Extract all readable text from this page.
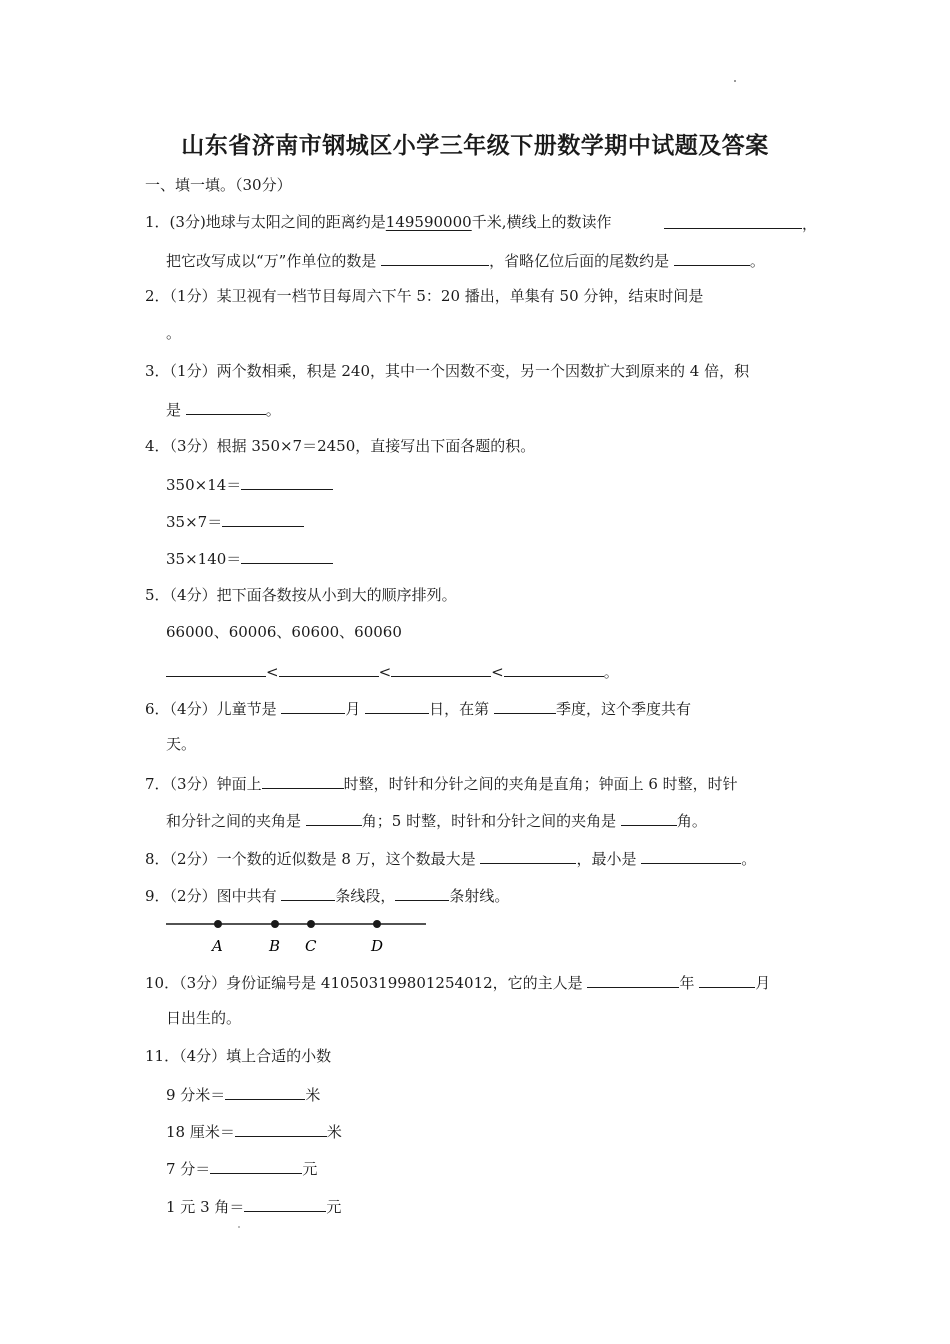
山东省济南市钢城区小学三年级下册数学期中试题及答案
一、填一填。（30分）
1．(3分)地球与太阳之间的距离约是149590000千米,横线上的数读作	，
把它改写成以“万”作单位的数是	，省略亿位后面的尾数约是	。
2．（1分）某卫视有一档节目每周六下午 5：20 播出，单集有 50 分钟，结束时间是
。
3．（1分）两个数相乘，积是 240，其中一个因数不变，另一个因数扩大到原来的 4 倍，积
是	。
4．（3分）根据 350×7＝2450，直接写出下面各题的积。
350×14＝
35×7＝
35×140＝
5．（4分）把下面各数按从小到大的顺序排列。
66000、60006、60600、60060
<	<	<	。
6．（4分）儿童节是	月	日，在第	季度，这个季度共有
天。
7．（3分）钟面上	时整，时针和分针之间的夹角是直角；钟面上 6 时整，时针
和分针之间的夹角是	角；5 时整，时针和分针之间的夹角是	角。
8．（2分）一个数的近似数是 8 万，这个数最大是	，最小是	。
9．（2分）图中共有	条线段，	条射线。
A	B C	D
10．（3分）身份证编号是 410503199801254012，它的主人是	年	月
日出生的。
11．（4分）填上合适的小数
9 分米＝	米
18 厘米＝	米
7 分＝	元
1 元 3 角＝	元
